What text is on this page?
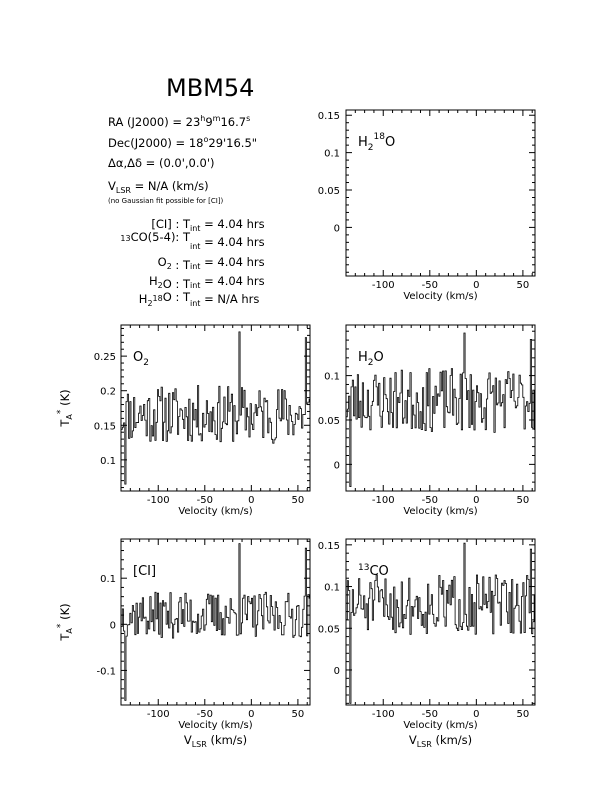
MBM54
RA $(J2000) = 23^h9^m16.7^s$
$Dec(J2000) = 18^o29'16.5$"
Δα,Δδ = (0.0',0.0')
$V_{LSR} = N/A$ (km/s)
(no Gaussian fit possible for [CI])
[CI] : T $_{int}$ = 4.04 hrs
$^{13}$CO(5-4): T
$_{int}$ = 4.04 hrs
$O_2$ : T $_{int}$ = 4.04 hrs
$H_2O$ : T $_{int}$ = 4.04 hrs
$H_2^{18}O$ : T $_{int}$ = N/A hrs
-100	-50	0	50
0
0.05
0.1
0.15
Velocity (km/s)
$H_2^{18}O$
-100	-50	0	50
0.1
0.15
0.2
0.25
Velocity (km/s)
$T_A^*$ (K)
$O_2$
-100	-50	0	50
0
0.05
0.1
Velocity (km/s)
$H_2O$
-100	-50	0	50
-0.1
0
0.1
Velocity (km/s)
$V_{LSR}$ (km/s)
$T_A^*$ (K)
[CI]
-100	-50	0	50
0
0.05
0.1
0.15
Velocity (km/s)
$V_{LSR}$ (km/s)
$^{13}$CO
